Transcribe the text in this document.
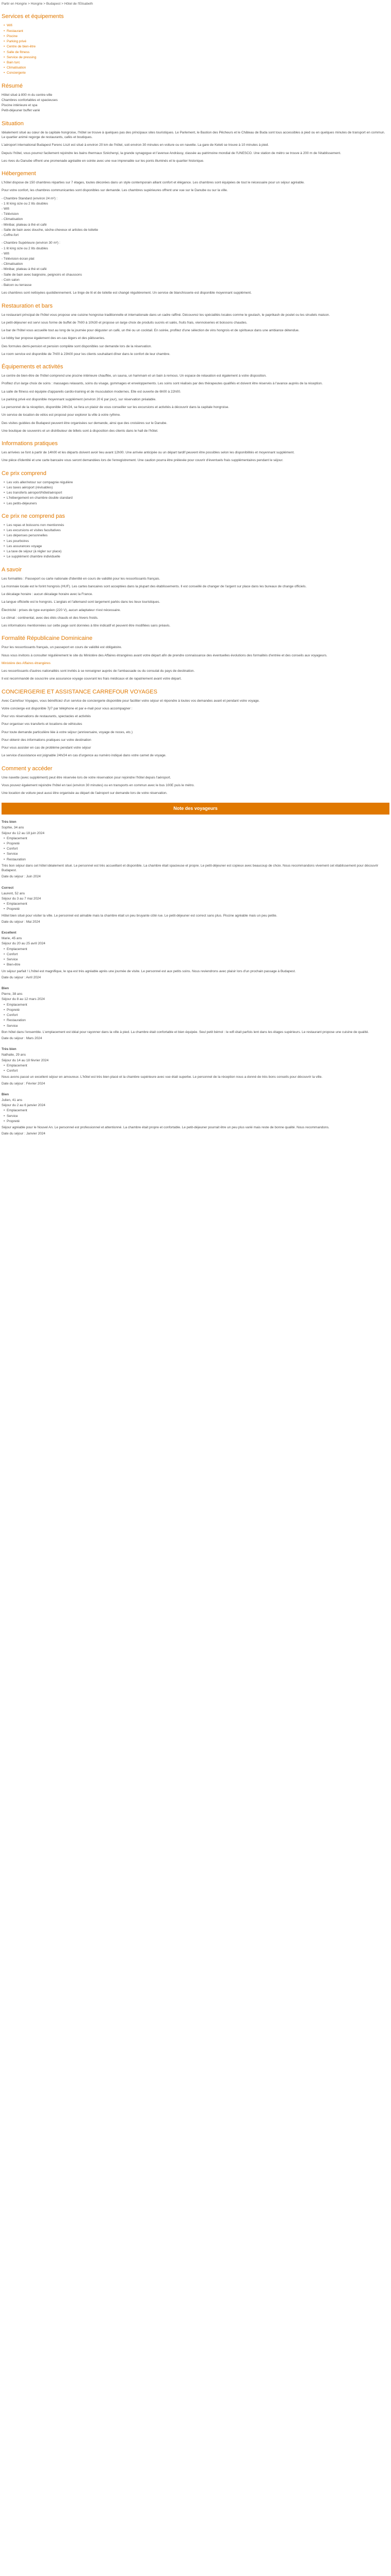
Partir en Hongrie > Hongrie > Budapest > Hôtel de l'Elisabeth
Services et équipements
• Wifi
• Restaurant
• Piscine
• Parking privé
• Centre de bien-être
• Salle de fitness
• Service de pressing
• Bain turc
• Climatisation
• Conciergerie
Résumé

Hôtel situé à 800 m du centre-ville

Chambres confortables et spacieuses

Piscine intérieure et spa

Petit-déjeuner buffet varié

Situation

Idéalement situé au cœur de la capitale hongroise, l'hôtel se trouve à quelques pas des principaux sites touristiques. Le Parlement, le Bastion des Pêcheurs et le Château de Buda sont tous accessibles à pied ou en quelques minutes de transport en commun. Le quartier animé regorge de restaurants, cafés et boutiques.

L'aéroport international Budapest Ferenc Liszt est situé à environ 20 km de l'hôtel, soit environ 30 minutes en voiture ou en navette. La gare de Keleti se trouve à 10 minutes à pied.

Depuis l'hôtel, vous pourrez facilement rejoindre les bains thermaux Széchenyi, la grande synagogue et l'avenue Andrássy, classée au patrimoine mondial de l'UNESCO. Une station de métro se trouve à 200 m de l'établissement.

Les rives du Danube offrent une promenade agréable en soirée avec une vue imprenable sur les ponts illuminés et le quartier historique.

Hébergement

L'hôtel dispose de 150 chambres réparties sur 7 étages, toutes décorées dans un style contemporain alliant confort et élégance. Les chambres sont équipées de tout le nécessaire pour un séjour agréable.

Pour votre confort, les chambres communicantes sont disponibles sur demande. Les chambres supérieures offrent une vue sur le Danube ou sur la ville.

- Chambre Standard (environ 24 m²) :

- 1 lit king size ou 2 lits doubles

- Wifi

- Télévision

- Climatisation

- Minibar, plateau à thé et café

- Salle de bain avec douche, sèche-cheveux et articles de toilette

- Coffre-fort

- Chambre Supérieure (environ 30 m²) :

- 1 lit king size ou 2 lits doubles

- Wifi

- Télévision écran plat

- Climatisation

- Minibar, plateau à thé et café

- Salle de bain avec baignoire, peignoirs et chaussons

- Coin salon

- Balcon ou terrasse

Les chambres sont nettoyées quotidiennement. Le linge de lit et de toilette est changé régulièrement. Un service de blanchisserie est disponible moyennant supplément.

Restauration et bars

Le restaurant principal de l'hôtel vous propose une cuisine hongroise traditionnelle et internationale dans un cadre raffiné. Découvrez les spécialités locales comme le goulash, le paprikash de poulet ou les strudels maison.

Le petit-déjeuner est servi sous forme de buffet de 7h00 à 10h30 et propose un large choix de produits sucrés et salés, fruits frais, viennoiseries et boissons chaudes.

Le bar de l'hôtel vous accueille tout au long de la journée pour déguster un café, un thé ou un cocktail. En soirée, profitez d'une sélection de vins hongrois et de spiritueux dans une ambiance détendue.

Le lobby bar propose également des en-cas légers et des pâtisseries.

Des formules demi-pension et pension complète sont disponibles sur demande lors de la réservation.

Le room service est disponible de 7h00 à 23h00 pour les clients souhaitant dîner dans le confort de leur chambre.

Équipements et activités

Le centre de bien-être de l'hôtel comprend une piscine intérieure chauffée, un sauna, un hammam et un bain à remous. Un espace de relaxation est également à votre disposition.

Profitez d'un large choix de soins : massages relaxants, soins du visage, gommages et enveloppements. Les soins sont réalisés par des thérapeutes qualifiés et doivent être réservés à l'avance auprès de la réception.

La salle de fitness est équipée d'appareils cardio-training et de musculation modernes. Elle est ouverte de 6h00 à 22h00.

Le parking privé est disponible moyennant supplément (environ 20 € par jour), sur réservation préalable.

Le personnel de la réception, disponible 24h/24, se fera un plaisir de vous conseiller sur les excursions et activités à découvrir dans la capitale hongroise.

Un service de location de vélos est proposé pour explorer la ville à votre rythme.

Des visites guidées de Budapest peuvent être organisées sur demande, ainsi que des croisières sur le Danube.

Une boutique de souvenirs et un distributeur de billets sont à disposition des clients dans le hall de l'hôtel.

Informations pratiques

Les arrivées se font à partir de 14h00 et les départs doivent avoir lieu avant 12h00. Une arrivée anticipée ou un départ tardif peuvent être possibles selon les disponibilités et moyennant supplément.

Une pièce d'identité et une carte bancaire vous seront demandées lors de l'enregistrement. Une caution pourra être prélevée pour couvrir d'éventuels frais supplémentaires pendant le séjour.

Ce prix comprend
• Les vols aller/retour sur compagnie régulière
• Les taxes aéroport (révisables)
• Les transferts aéroport/hôtel/aéroport
• L'hébergement en chambre double standard
• Les petits-déjeuners
Ce prix ne comprend pas
• Les repas et boissons non mentionnés
• Les excursions et visites facultatives
• Les dépenses personnelles
• Les pourboires
• Les assurances voyage
• La taxe de séjour (à régler sur place)
• Le supplément chambre individuelle
A savoir

Les formalités : Passeport ou carte nationale d'identité en cours de validité pour les ressortissants français.

La monnaie locale est le forint hongrois (HUF). Les cartes bancaires sont acceptées dans la plupart des établissements. Il est conseillé de changer de l'argent sur place dans les bureaux de change officiels.

Le décalage horaire : aucun décalage horaire avec la France.

La langue officielle est le hongrois. L'anglais et l'allemand sont largement parlés dans les lieux touristiques.

Électricité : prises de type européen (220 V), aucun adaptateur n'est nécessaire.

Le climat : continental, avec des étés chauds et des hivers froids.

Les informations mentionnées sur cette page sont données à titre indicatif et peuvent être modifiées sans préavis.

Formalité Républicaine Dominicaine

Pour les ressortissants français, un passeport en cours de validité est obligatoire.

Nous vous invitons à consulter régulièrement le site du Ministère des Affaires étrangères avant votre départ afin de prendre connaissance des éventuelles évolutions des formalités d'entrée et des conseils aux voyageurs.

Ministère des Affaires étrangères

Les ressortissants d'autres nationalités sont invités à se renseigner auprès de l'ambassade ou du consulat du pays de destination.

Il est recommandé de souscrire une assurance voyage couvrant les frais médicaux et de rapatriement avant votre départ.

CONCIERGERIE ET ASSISTANCE CARREFOUR VOYAGES

Avec Carrefour Voyages, vous bénéficiez d'un service de conciergerie disponible pour faciliter votre séjour et répondre à toutes vos demandes avant et pendant votre voyage.

Votre concierge est disponible 7j/7 par téléphone et par e-mail pour vous accompagner :

Pour vos réservations de restaurants, spectacles et activités

Pour organiser vos transferts et locations de véhicules

Pour toute demande particulière liée à votre séjour (anniversaire, voyage de noces, etc.)

Pour obtenir des informations pratiques sur votre destination

Pour vous assister en cas de problème pendant votre séjour

Le service d'assistance est joignable 24h/24 en cas d'urgence au numéro indiqué dans votre carnet de voyage.

Comment y accéder

Une navette (avec supplément) peut être réservée lors de votre réservation pour rejoindre l'hôtel depuis l'aéroport.

Vous pouvez également rejoindre l'hôtel en taxi (environ 30 minutes) ou en transports en commun avec le bus 100E puis le métro.

Une location de voiture peut aussi être organisée au départ de l'aéroport sur demande lors de votre réservation.

Note des voyageurs

Très bien

Sophie, 34 ans

Séjour du 12 au 18 juin 2024

• Emplacement
• Propreté
• Confort
• Service
• Restauration

Très bon séjour dans cet hôtel idéalement situé. Le personnel est très accueillant et disponible. La chambre était spacieuse et propre. Le petit-déjeuner est copieux avec beaucoup de choix. Nous recommandons vivement cet établissement pour découvrir Budapest.

Date du séjour : Juin 2024

Correct

Laurent, 52 ans

Séjour du 3 au 7 mai 2024

• Emplacement
• Propreté

Hôtel bien situé pour visiter la ville. Le personnel est aimable mais la chambre était un peu bruyante côté rue. Le petit-déjeuner est correct sans plus. Piscine agréable mais un peu petite.

Date du séjour : Mai 2024

Excellent

Marie, 45 ans

Séjour du 20 au 25 avril 2024

• Emplacement
• Confort
• Service
• Bien-être

Un séjour parfait ! L'hôtel est magnifique, le spa est très agréable après une journée de visite. Le personnel est aux petits soins. Nous reviendrons avec plaisir lors d'un prochain passage à Budapest.

Date du séjour : Avril 2024

Bien

Pierre, 38 ans

Séjour du 8 au 12 mars 2024

• Emplacement
• Propreté
• Confort
• Restauration
• Service

Bon hôtel dans l'ensemble. L'emplacement est idéal pour rayonner dans la ville à pied. La chambre était confortable et bien équipée. Seul petit bémol : le wifi était parfois lent dans les étages supérieurs. Le restaurant propose une cuisine de qualité.

Date du séjour : Mars 2024

Très bien

Nathalie, 29 ans

Séjour du 14 au 18 février 2024

• Emplacement
• Confort

Nous avons passé un excellent séjour en amoureux. L'hôtel est très bien placé et la chambre supérieure avec vue était superbe. Le personnel de la réception nous a donné de très bons conseils pour découvrir la ville.

Date du séjour : Février 2024

Bien

Julien, 41 ans

Séjour du 2 au 6 janvier 2024

• Emplacement
• Service
• Propreté

Séjour agréable pour le Nouvel An. Le personnel est professionnel et attentionné. La chambre était propre et confortable. Le petit-déjeuner pourrait être un peu plus varié mais reste de bonne qualité. Nous recommandons.

Date du séjour : Janvier 2024
